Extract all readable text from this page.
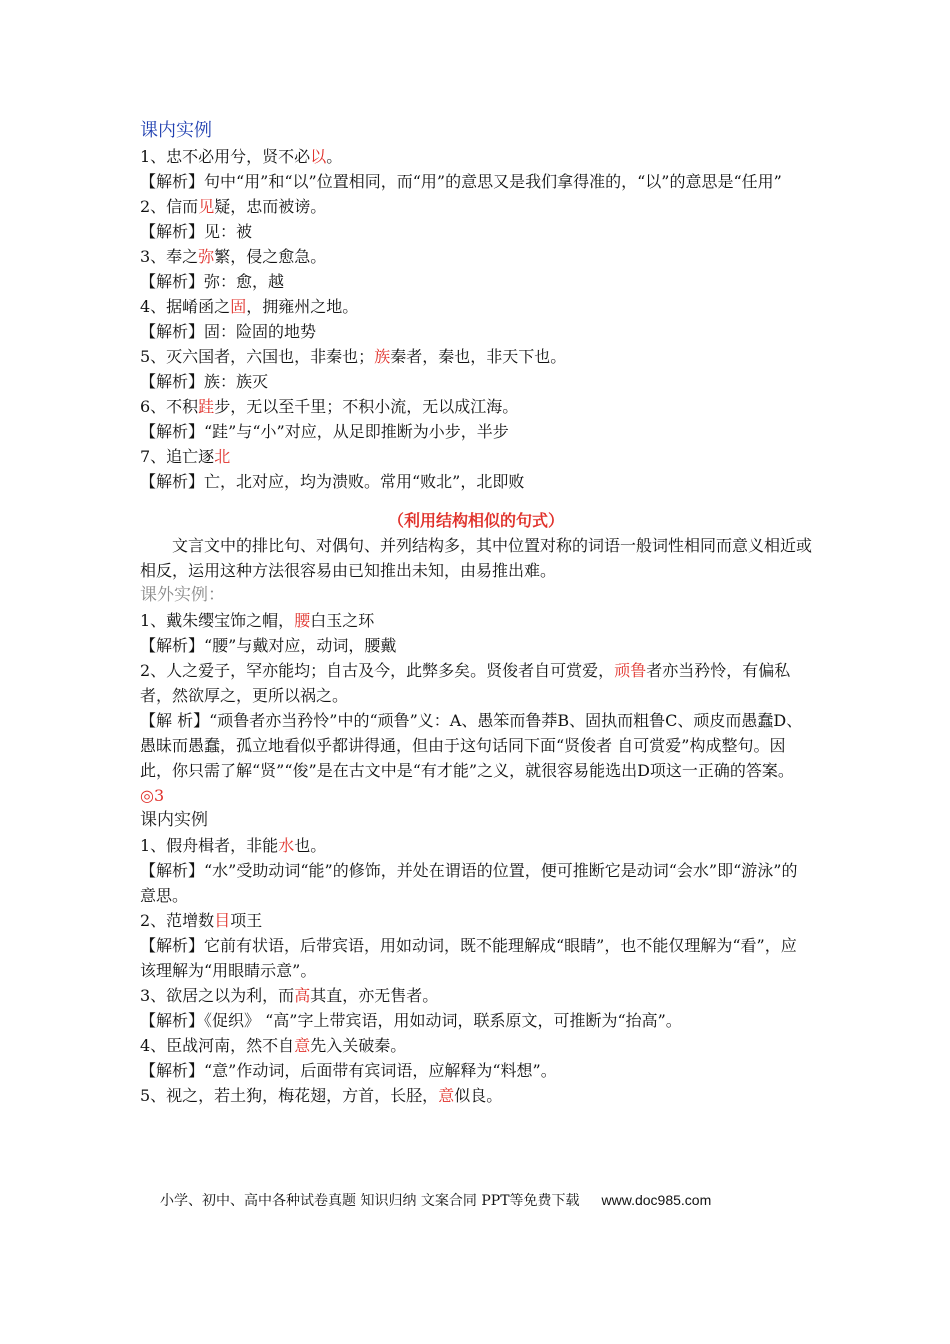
课内实例
1、忠不必用兮，贤不必以。
【解析】句中“用”和“以”位置相同，而“用”的意思又是我们拿得准的，“以”的意思是“任用”
2、信而见疑，忠而被谤。
【解析】见：被
3、奉之弥繁，侵之愈急。
【解析】弥：愈，越
4、据崤函之固，拥雍州之地。
【解析】固：险固的地势
5、灭六国者，六国也，非秦也；族秦者，秦也，非天下也。
【解析】族：族灭
6、不积跬步，无以至千里；不积小流，无以成江海。
【解析】“跬”与“小”对应，从足即推断为小步，半步
7、追亡逐北
【解析】亡，北对应，均为溃败。常用“败北”，北即败
（利用结构相似的句式）
文言文中的排比句、对偶句、并列结构多，其中位置对称的词语一般词性相同而意义相近或相反，运用这种方法很容易由已知推出未知，由易推出难。
课外实例：
1、戴朱缨宝饰之帽，腰白玉之环
【解析】“腰”与戴对应，动词，腰戴
2、人之爱子，罕亦能均；自古及今，此弊多矣。贤俊者自可赏爱，顽鲁者亦当矜怜，有偏私者，然欲厚之，更所以祸之。
【解 析】“顽鲁者亦当矜怜”中的“顽鲁”义：A、愚笨而鲁莽B、固执而粗鲁C、顽皮而愚蠢D、愚昧而愚蠢，孤立地看似乎都讲得通，但由于这句话同下面“贤俊者 自可赏爱”构成整句。因此，你只需了解“贤”“俊”是在古文中是“有才能”之义，就很容易能选出D项这一正确的答案。
◎3
课内实例
1、假舟楫者，非能水也。
【解析】“水”受助动词“能”的修饰，并处在谓语的位置，便可推断它是动词“会水”即“游泳”的意思。
2、范增数目项王
【解析】它前有状语，后带宾语，用如动词，既不能理解成“眼睛”，也不能仅理解为“看”，应该理解为“用眼睛示意”。
3、欲居之以为利，而高其直，亦无售者。
【解析】《促织》 “高”字上带宾语，用如动词，联系原文，可推断为“抬高”。
4、臣战河南，然不自意先入关破秦。
【解析】“意”作动词，后面带有宾词语，应解释为“料想”。
5、视之，若土狗，梅花翅，方首，长胫，意似良。
小学、初中、高中各种试卷真题 知识归纳 文案合同 PPT等免费下载 www.doc985.com
